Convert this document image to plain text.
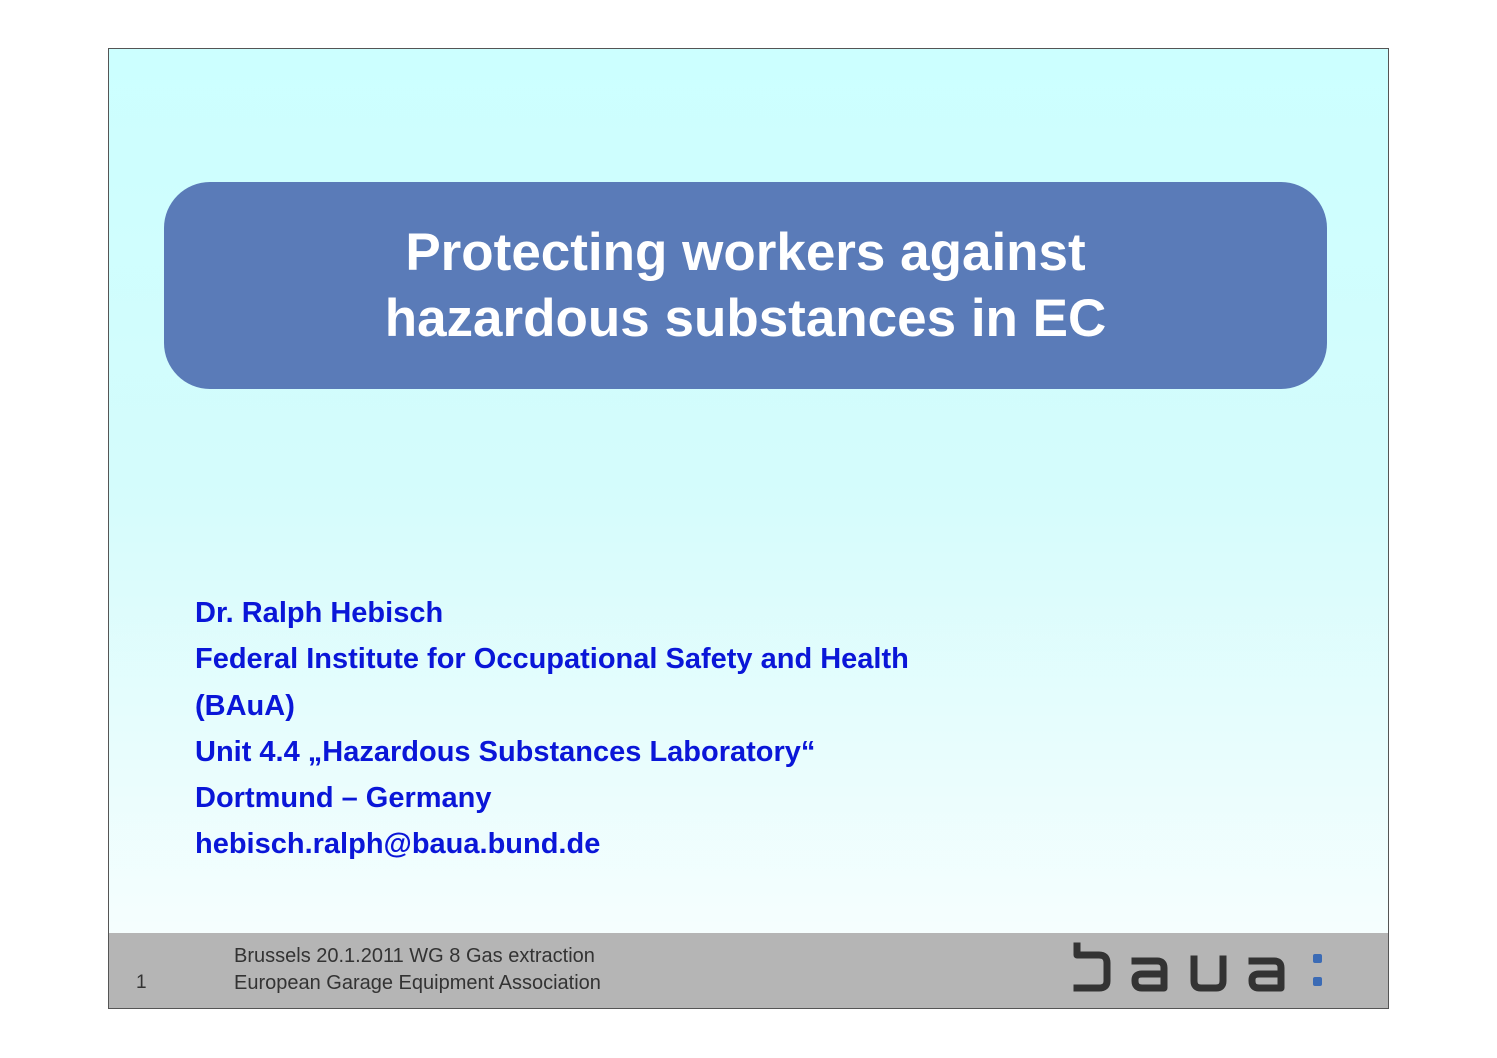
Protecting workers against
hazardous substances in EC
Dr. Ralph Hebisch
Federal Institute for Occupational Safety and Health
(BAuA)
Unit 4.4 „Hazardous Substances Laboratory“
Dortmund – Germany
hebisch.ralph@baua.bund.de
1
Brussels 20.1.2011 WG 8 Gas extraction
European Garage Equipment Association
